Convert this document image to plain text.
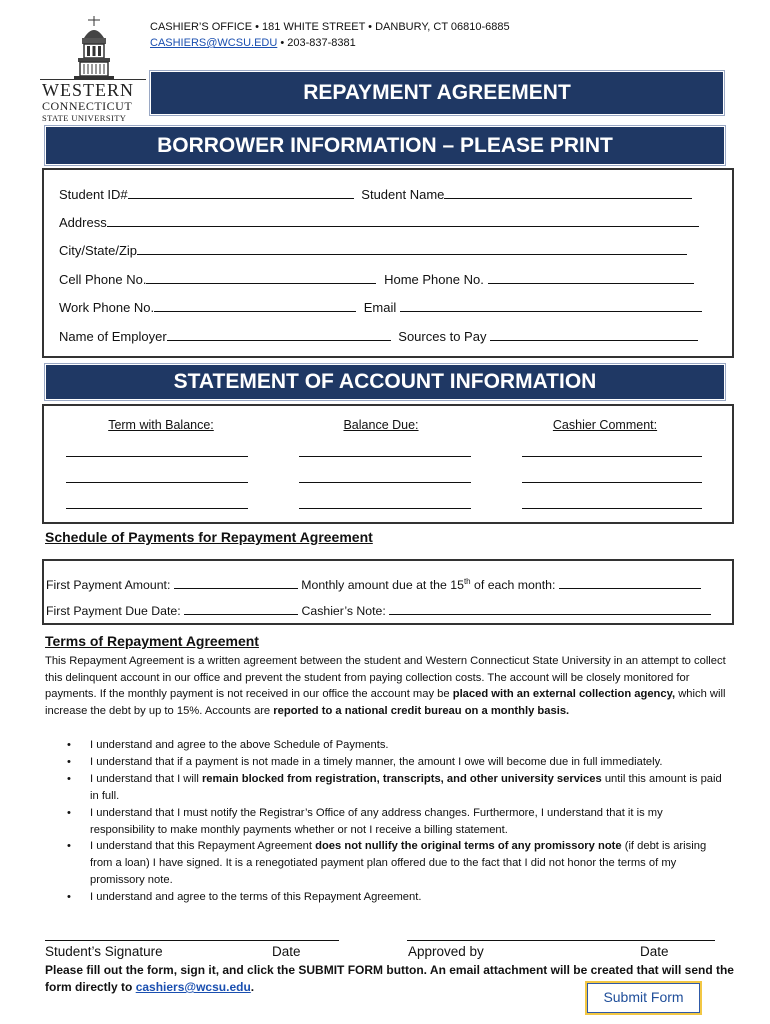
WESTERN
CONNECTICUT
STATE UNIVERSITY
CASHIER’S OFFICE • 181 WHITE STREET • DANBURY, CT 06810-6885
CASHIERS@WCSU.EDU • 203-837-8381
REPAYMENT AGREEMENT
BORROWER INFORMATION – PLEASE PRINT
Student ID#	Student Name
Address
City/State/Zip
Cell Phone No.	Home Phone No.
Work Phone No.	Email
Name of Employer	Sources to Pay
STATEMENT OF ACCOUNT INFORMATION
Term with Balance:	Balance Due:	Cashier Comment:
Schedule of Payments for Repayment Agreement
First Payment Amount:	Monthly amount due at the 15th of each month:
First Payment Due Date:	Cashier’s Note:
Terms of Repayment Agreement
This Repayment Agreement is a written agreement between the student and Western Connecticut State University in an attempt to collect this delinquent account in our office and prevent the student from paying collection costs. The account will be closely monitored for payments. If the monthly payment is not received in our office the account may be placed with an external collection agency, which will increase the debt by up to 15%. Accounts are reported to a national credit bureau on a monthly basis.
• I understand and agree to the above Schedule of Payments.
• I understand that if a payment is not made in a timely manner, the amount I owe will become due in full immediately.
• I understand that I will remain blocked from registration, transcripts, and other university services until this amount is paid in full.
• I understand that I must notify the Registrar’s Office of any address changes. Furthermore, I understand that it is my responsibility to make monthly payments whether or not I receive a billing statement.
• I understand that this Repayment Agreement does not nullify the original terms of any promissory note (if debt is arising from a loan) I have signed. It is a renegotiated payment plan offered due to the fact that I did not honor the terms of my promissory note.
• I understand and agree to the terms of this Repayment Agreement.
Student’s Signature	Date	Approved by	Date
Please fill out the form, sign it, and click the SUBMIT FORM button. An email attachment will be created that will send the form directly to cashiers@wcsu.edu.
Submit Form
